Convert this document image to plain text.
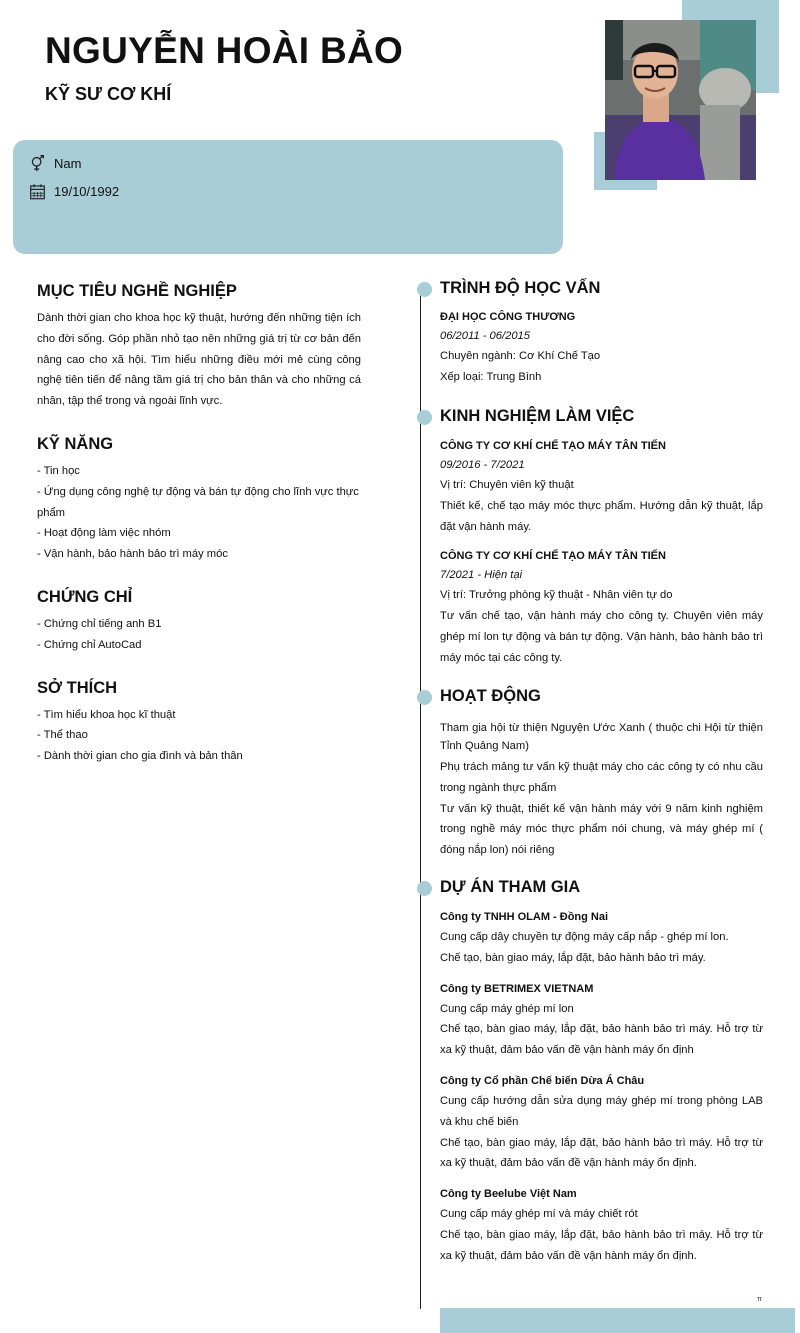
NGUYỄN HOÀI BẢO
KỸ SƯ CƠ KHÍ
Nam
19/10/1992
MỤC TIÊU NGHỀ NGHIỆP
Dành thời gian cho khoa học kỹ thuật, hướng đến những tiện ích cho đời sống. Góp phần nhỏ tạo nên những giá trị từ cơ bản đến nâng cao cho xã hội. Tìm hiểu những điều mới mẻ cùng công nghệ tiên tiến để nâng tầm giá trị cho bản thân và cho những cá nhân, tập thể trong và ngoài lĩnh vực.
KỸ NĂNG
- Tin học
- Ứng dụng công nghệ tự động và bán tự động cho lĩnh vực thực phẩm
- Hoạt động làm việc nhóm
- Vận hành, bảo hành bảo trì máy móc
CHỨNG CHỈ
- Chứng chỉ tiếng anh B1
- Chứng chỉ AutoCad
SỞ THÍCH
- Tìm hiểu khoa học kĩ thuật
- Thể thao
- Dành thời gian cho gia đình và bản thân
TRÌNH ĐỘ HỌC VẤN
ĐẠI HỌC CÔNG THƯƠNG
06/2011 - 06/2015
Chuyên ngành: Cơ Khí Chế Tạo
Xếp loại: Trung Bình
KINH NGHIỆM LÀM VIỆC
CÔNG TY CƠ KHÍ CHẾ TẠO MÁY TÂN TIẾN
09/2016 - 7/2021
Vị trí: Chuyên viên kỹ thuật
Thiết kế, chế tạo máy móc thực phẩm. Hướng dẫn kỹ thuật, lắp đặt vận hành máy.
CÔNG TY CƠ KHÍ CHẾ TẠO MÁY TÂN TIẾN
7/2021 - Hiện tại
Vị trí: Trưởng phòng kỹ thuật - Nhân viên tự do
Tư vấn chế tạo, vận hành máy cho công ty. Chuyên viên máy ghép mí lon tự động và bán tự động. Vận hành, bảo hành bảo trì máy móc tại các công ty.
HOẠT ĐỘNG
Tham gia hội từ thiện Nguyện Ước Xanh ( thuộc chi Hội từ thiện Tỉnh Quảng Nam)
Phụ trách mảng tư vấn kỹ thuật máy cho các công ty có nhu cầu trong ngành thực phẩm
Tư vấn kỹ thuật, thiết kế vận hành máy với 9 năm kinh nghiệm trong nghề máy móc thực phẩm nói chung, và máy ghép mí ( đóng nắp lon) nói riêng
DỰ ÁN THAM GIA
Công ty TNHH OLAM - Đồng Nai
Cung cấp dây chuyền tự động máy cấp nắp - ghép mí lon.
Chế tạo, bàn giao máy, lắp đặt, bảo hành bảo trì máy.
Công ty BETRIMEX VIETNAM
Cung cấp máy ghép mí lon
Chế tạo, bàn giao máy, lắp đặt, bảo hành bảo trì máy. Hỗ trợ từ xa kỹ thuật, đảm bảo vấn đề vận hành máy ổn định
Công ty Cổ phần Chế biến Dừa Á Châu
Cung cấp hướng dẫn sửa dụng máy ghép mí trong phòng LAB và khu chế biến
Chế tạo, bàn giao máy, lắp đặt, bảo hành bảo trì máy. Hỗ trợ từ xa kỹ thuật, đảm bảo vấn đề vận hành máy ổn định.
Công ty Beelube Việt Nam
Cung cấp máy ghép mí và máy chiết rót
Chế tạo, bàn giao máy, lắp đặt, bảo hành bảo trì máy. Hỗ trợ từ xa kỹ thuật, đảm bảo vấn đề vận hành máy ổn định.
π
